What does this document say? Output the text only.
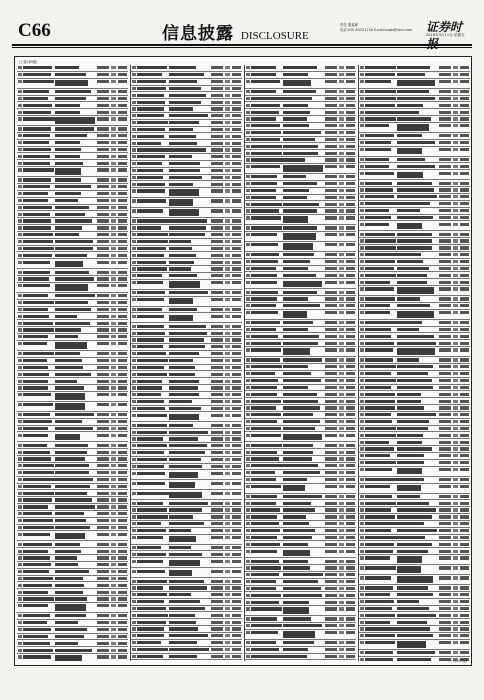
C66	信息披露 DISCLOSURE
责任 董素颖
电话 010-83221716 E-mail:zqsb@stcn.com	证券时
2016年3月11日 星期五
(上接C65版)
(下转C67版)
